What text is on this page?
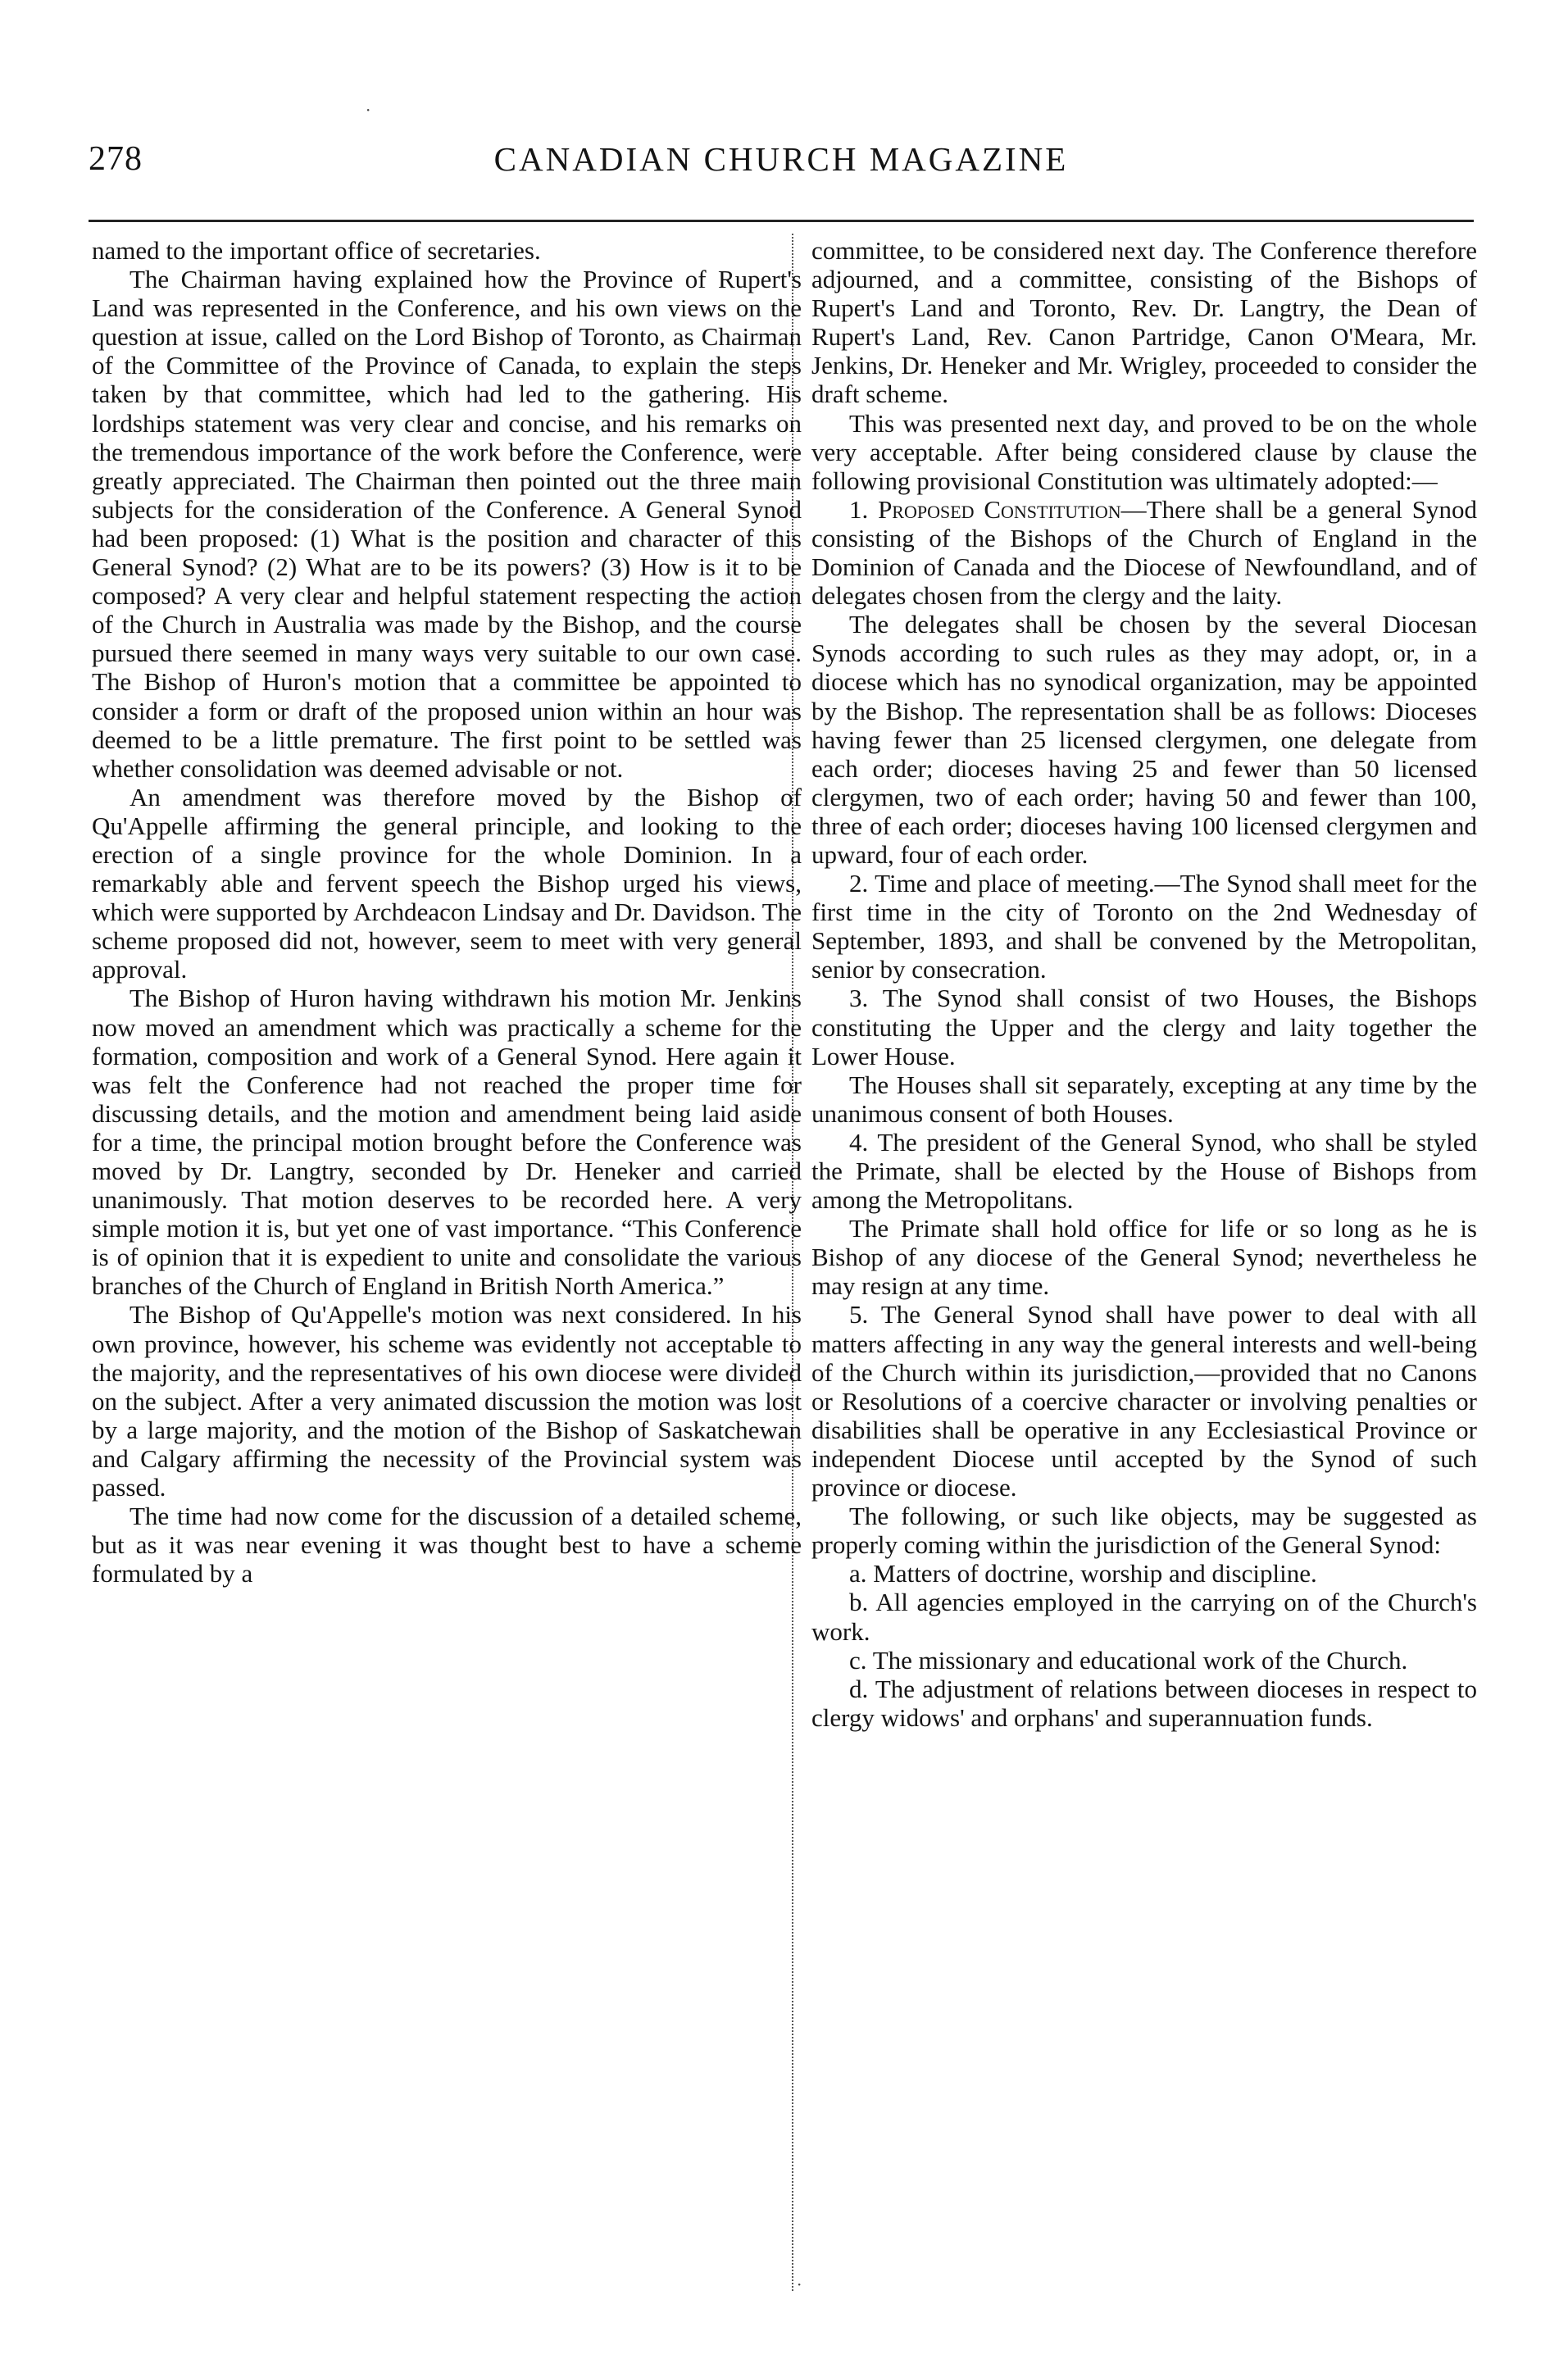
278	CANADIAN CHURCH MAGAZINE

named to the important office of secretaries.

The Chairman having explained how the Province of Rupert's Land was represented in the Conference, and his own views on the question at issue, called on the Lord Bishop of Toronto, as Chairman of the Committee of the Province of Canada, to explain the steps taken by that committee, which had led to the gathering. His lordships statement was very clear and concise, and his remarks on the tremendous importance of the work before the Conference, were greatly appreciated. The Chairman then pointed out the three main subjects for the consideration of the Conference. A General Synod had been proposed: (1) What is the position and character of this General Synod? (2) What are to be its powers? (3) How is it to be composed? A very clear and helpful statement respecting the action of the Church in Australia was made by the Bishop, and the course pursued there seemed in many ways very suitable to our own case. The Bishop of Huron's motion that a committee be appointed to consider a form or draft of the proposed union within an hour was deemed to be a little premature. The first point to be settled was whether consolidation was deemed advisable or not.

An amendment was therefore moved by the Bishop of Qu'Appelle affirming the general principle, and looking to the erection of a single province for the whole Dominion. In a remarkably able and fervent speech the Bishop urged his views, which were supported by Archdeacon Lindsay and Dr. Davidson. The scheme proposed did not, however, seem to meet with very general approval.

The Bishop of Huron having withdrawn his motion Mr. Jenkins now moved an amendment which was practically a scheme for the formation, composition and work of a General Synod. Here again it was felt the Conference had not reached the proper time for discussing details, and the motion and amendment being laid aside for a time, the principal motion brought before the Conference was moved by Dr. Langtry, seconded by Dr. Heneker and carried unanimously. That motion deserves to be recorded here. A very simple motion it is, but yet one of vast importance. “This Conference is of opinion that it is expedient to unite and consolidate the various branches of the Church of England in British North America.”

The Bishop of Qu'Appelle's motion was next considered. In his own province, however, his scheme was evidently not acceptable to the majority, and the representatives of his own diocese were divided on the subject. After a very animated discussion the motion was lost by a large majority, and the motion of the Bishop of Saskatchewan and Calgary affirming the necessity of the Provincial system was passed.

The time had now come for the discussion of a detailed scheme, but as it was near evening it was thought best to have a scheme formulated by a

committee, to be considered next day. The Conference therefore adjourned, and a committee, consisting of the Bishops of Rupert's Land and Toronto, Rev. Dr. Langtry, the Dean of Rupert's Land, Rev. Canon Partridge, Canon O'Meara, Mr. Jenkins, Dr. Heneker and Mr. Wrigley, proceeded to consider the draft scheme.

This was presented next day, and proved to be on the whole very acceptable. After being considered clause by clause the following provisional Constitution was ultimately adopted:—

1. Proposed Constitution—There shall be a general Synod consisting of the Bishops of the Church of England in the Dominion of Canada and the Diocese of Newfoundland, and of delegates chosen from the clergy and the laity.

The delegates shall be chosen by the several Diocesan Synods according to such rules as they may adopt, or, in a diocese which has no synodical organization, may be appointed by the Bishop. The representation shall be as follows: Dioceses having fewer than 25 licensed clergymen, one delegate from each order; dioceses having 25 and fewer than 50 licensed clergymen, two of each order; having 50 and fewer than 100, three of each order; dioceses having 100 licensed clergymen and upward, four of each order.

2. Time and place of meeting.—The Synod shall meet for the first time in the city of Toronto on the 2nd Wednesday of September, 1893, and shall be convened by the Metropolitan, senior by consecration.

3. The Synod shall consist of two Houses, the Bishops constituting the Upper and the clergy and laity together the Lower House.

The Houses shall sit separately, excepting at any time by the unanimous consent of both Houses.

4. The president of the General Synod, who shall be styled the Primate, shall be elected by the House of Bishops from among the Metropolitans.

The Primate shall hold office for life or so long as he is Bishop of any diocese of the General Synod; nevertheless he may resign at any time.

5. The General Synod shall have power to deal with all matters affecting in any way the general interests and well-being of the Church within its jurisdiction,—provided that no Canons or Resolutions of a coercive character or involving penalties or disabilities shall be operative in any Ecclesiastical Province or independent Diocese until accepted by the Synod of such province or diocese.

The following, or such like objects, may be suggested as properly coming within the jurisdiction of the General Synod:

a. Matters of doctrine, worship and discipline.

b. All agencies employed in the carrying on of the Church's work.

c. The missionary and educational work of the Church.

d. The adjustment of relations between dioceses in respect to clergy widows' and orphans' and superannuation funds.

·
·
